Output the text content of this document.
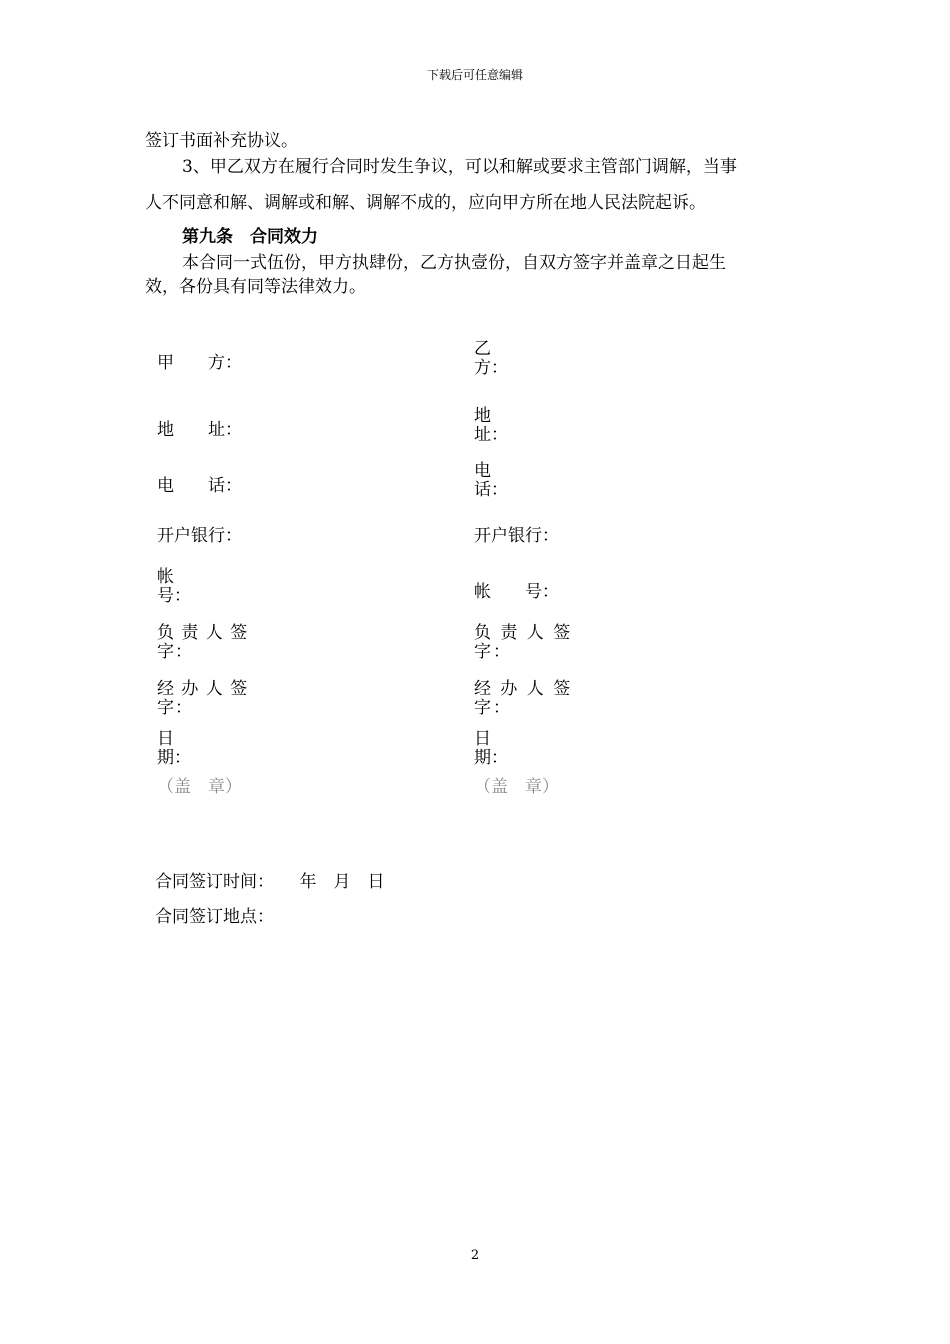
下载后可任意编辑
签订书面补充协议。
3、甲乙双方在履行合同时发生争议，可以和解或要求主管部门调解，当事
人不同意和解、调解或和解、调解不成的，应向甲方所在地人民法院起诉。
第九条　合同效力
本合同一式伍份，甲方执肆份，乙方执壹份，自双方签字并盖章之日起生
效，各份具有同等法律效力。
甲　　方：
地　　址：
电　　话：
开户银行：
帐号：
负 责 人 签字：
经 办 人 签字：
日期：
（盖　章）
乙方：
地址：
电话：
开户银行：
帐　　号：
负 责 人 签字：
经 办 人 签字：
日期：
（盖　章）
合同签订时间：　　年　月　日
合同签订地点：
2
